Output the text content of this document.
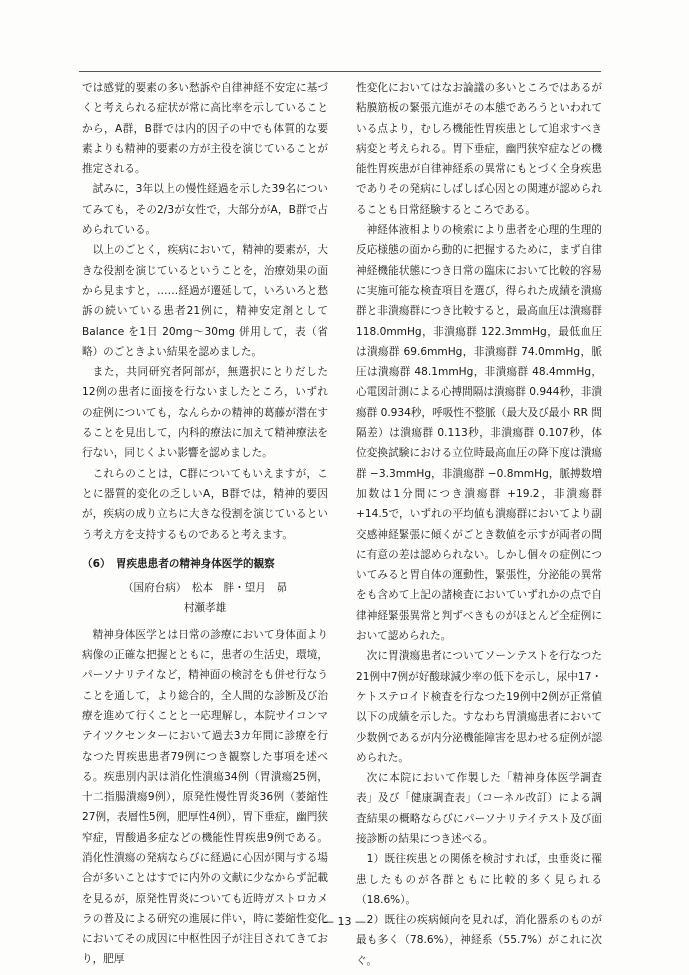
では感覚的要素の多い愁訴や自律神経不安定に基づくと考えられる症状が常に高比率を示していることから，A群，B群では内的因子の中でも体質的な要素よりも精神的要素の方が主役を演じていることが推定される。

試みに，3年以上の慢性経過を示した39名についてみても，その2/3が女性で，大部分がA，B群で占められている。

以上のごとく，疾病において，精神的要素が，大きな役割を演じているということを，治療効果の面から見ますと，……経過が遷延して，いろいろと愁訴の続いている患者21例に，精神安定剤として Balance を1日 20mg〜30mg 併用して，表（省略）のごときよい結果を認めました。

また，共同研究者阿部が，無選択にとりだした12例の患者に面接を行ないましたところ，いずれの症例についても，なんらかの精神的葛藤が潜在することを見出して，内科的療法に加えて精神療法を行ない，同じくよい影響を認めました。

これらのことは，C群についてもいえますが，ことに器質的変化の乏しいA，B群では，精神的要因が，疾病の成り立ちに大きな役割を演じているという考え方を支持するものであると考えます。

（6）　胃疾患患者の精神身体医学的観察

（国府台病）　松本　胖・望月　昴

村瀬孝雄

精神身体医学とは日常の診療において身体面より病像の正確な把握とともに，患者の生活史，環境，パーソナリテイなど，精神面の検討をも併せ行なうことを通して，より総合的，全人間的な診断及び治療を進めて行くことと一応理解し，本院サイコンマテイツクセンターにおいて過去3カ年間に診療を行なつた胃疾患患者79例につき観察した事項を述べる。疾患別内訳は消化性潰瘍34例（胃潰瘍25例，十二指腸潰瘍9例），原発性慢性胃炎36例（萎縮性27例，表層性5例，肥厚性4例），胃下垂症，幽門狭窄症，胃酸過多症などの機能性胃疾患9例である。消化性潰瘍の発病ならびに経過に心因が関与する場合が多いことはすでに内外の文献に少なからず記載を見るが，原発性胃炎についても近時ガストロカメラの普及による研究の進展に伴い，時に萎縮性変化においてその成因に中枢性因子が注目されてきており，肥厚

性変化においてはなお論議の多いところではあるが粘膜筋板の緊張亢進がその本態であろうといわれている点より，むしろ機能性胃疾患として追求すべき病変と考えられる。胃下垂症，幽門狭窄症などの機能性胃疾患が自律神経系の異常にもとづく全身疾患でありその発病にしばしば心因との関連が認められることも日常経験するところである。

神経体液相よりの検索により患者を心理的生理的反応様態の面から動的に把握するために，まず自律神経機能状態につき日常の臨床において比較的容易に実施可能な検査項目を選び，得られた成績を潰瘍群と非潰瘍群につき比較すると，最高血圧は潰瘍群 118.0mmHg，非潰瘍群 122.3mmHg，最低血圧は潰瘍群 69.6mmHg，非潰瘍群 74.0mmHg，脈圧は潰瘍群 48.1mmHg，非潰瘍群 48.4mmHg，心電図計測による心搏間隔は潰瘍群 0.944秒，非潰瘍群 0.934秒，呼吸性不整脈（最大及び最小 RR 間隔差）は潰瘍群 0.113秒，非潰瘍群 0.107秒，体位変換試験における立位時最高血圧の降下度は潰瘍群 −3.3mmHg，非潰瘍群 −0.8mmHg，脈搏数増加数は1分間につき潰瘍群 +19.2，非潰瘍群 +14.5で，いずれの平均値も潰瘍群においてより副交感神経緊張に傾くがごとき数値を示すが両者の間に有意の差は認められない。しかし個々の症例についてみると胃自体の運動性，緊張性，分泌能の異常をも含めて上記の諸検査においていずれかの点で自律神経緊張異常と判ずべきものがほとんど全症例において認められた。

次に胃潰瘍患者についてソーンテストを行なつた21例中7例が好酸球減少率の低下を示し，尿中17・ケトステロイド検査を行なつた19例中2例が正常値以下の成績を示した。すなわち胃潰瘍患者において少数例であるが内分泌機能障害を思わせる症例が認められた。

次に本院において作製した「精神身体医学調査表」及び「健康調査表」（コーネル改訂）による調査結果の概略ならびにパーソナリテイテスト及び面接診断の結果につき述べる。

1）既往疾患との関係を検討すれば，虫垂炎に罹患したものが各群ともに比較的多く見られる（18.6%）。

2）既往の疾病傾向を見れば，消化器系のものが最も多く（78.6%），神経系（55.7%）がこれに次ぐ。

— 13 —
